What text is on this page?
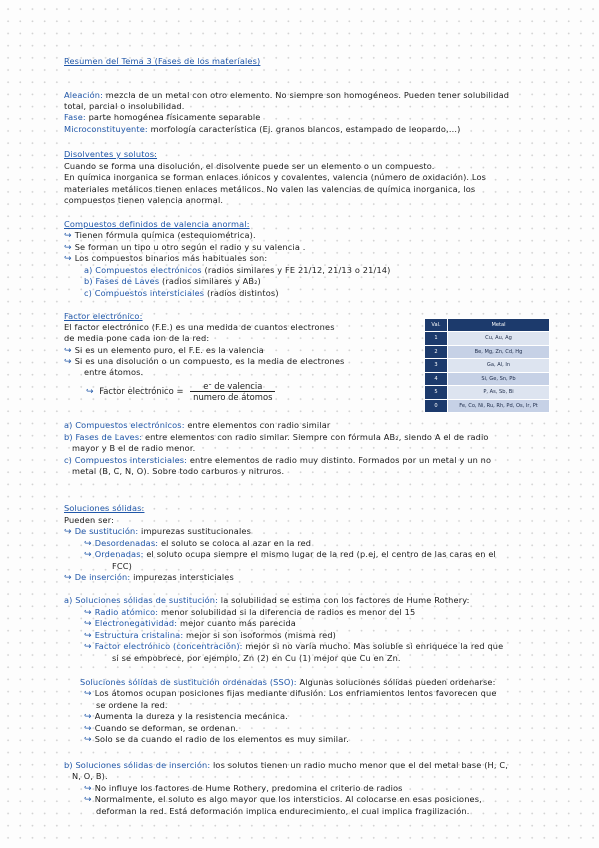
Resumen del Tema 3 (Fases de los materiales)
Aleación: mezcla de un metal con otro elemento. No siempre son homogéneos. Pueden tener solubilidad
total, parcial o insolubilidad.
Fase: parte homogénea físicamente separable
Microconstituyente: morfología característica (Ej. granos blancos, estampado de leopardo,...)
Disolventes y solutos:
Cuando se forma una disolución, el disolvente puede ser un elemento o un compuesto.
En química inorganica se forman enlaces iónicos y covalentes, valencia (número de oxidación). Los
materiales metálicos tienen enlaces metálicos. No valen las valencias de química inorganica, los
compuestos tienen valencia anormal.
Compuestos definidos de valencia anormal:
↪ Tienen fórmula química (estequiométrica).
↪ Se forman un tipo u otro según el radio y su valencia .
↪ Los compuestos binarios más habituales son:
a) Compuestos electrónicos (radios similares y FE 21/12, 21/13 o 21/14)
b) Fases de Laves (radios similares y AB₂)
c) Compuestos intersticiales (radios distintos)
Factor electrónico:
El factor electrónico (F.E.) es una medida de cuantos electrones
de media pone cada ion de la red:
↪ Si es un elemento puro, el F.E. es la valencia
↪ Si es una disolución o un compuesto, es la media de electrones
entre átomos.
↪ Factor electrónico = $\frac{\text{eᐨ de valencia}}{\text{numero de átomos}}$
Val.	Metal
1	Cu, Au, Ag
2	Be, Mg, Zn, Cd, Hg
3	Ga, Al, In
4	Si, Ge, Sn, Pb
5	P, As, Sb, Bi
0	Fe, Co, Ni, Ru, Rh, Pd, Os, Ir, Pt
a) Compuestos electrónicos: entre elementos con radio similar
b) Fases de Laves: entre elementos con radio similar. Siempre con fórmula AB₂, siendo A el de radio
mayor y B el de radio menor.
c) Compuestos intersticiales: entre elementos de radio muy distinto. Formados por un metal y un no
metal (B, C, N, O). Sobre todo carburos y nitruros.
Soluciones sólidas:
Pueden ser:
↪ De sustitución: impurezas sustitucionales
↪ Desordenadas: el soluto se coloca al azar en la red
↪ Ordenadas: el soluto ocupa siempre el mismo lugar de la red (p.ej, el centro de las caras en el
FCC)
↪ De inserción: impurezas intersticiales
a) Soluciones sólidas de sustitución: la solubilidad se estima con los factores de Hume Rothery:
↪ Radio atómico: menor solubilidad si la diferencia de radios es menor del 15
↪ Electronegatividad: mejor cuanto más parecida
↪ Estructura cristalina: mejor si son isoformos (misma red)
↪ Factor electrónico (concentración): mejor si no varía mucho. Mas soluble si enriquece la red que
si se empobrece, por ejemplo, Zn (2) en Cu (1) mejor que Cu en Zn.
Soluciones sólidas de sustitución ordenadas (SSO): Algunas soluciones sólidas pueden ordenarse:
↪ Los átomos ocupan posiciones fijas mediante difusión. Los enfriamientos lentos favorecen que
se ordene la red.
↪ Aumenta la dureza y la resistencia mecánica.
↪ Cuando se deforman, se ordenan.
↪ Solo se da cuando el radio de los elementos es muy similar.
b) Soluciones sólidas de inserción: los solutos tienen un radio mucho menor que el del metal base (H, C,
N, O, B).
↪ No influye los factores de Hume Rothery, predomina el criterio de radios
↪ Normalmente, el soluto es algo mayor que los intersticios. Al colocarse en esas posiciones,
deforman la red. Está deformación implica endurecimiento, el cual implica fragilización.
